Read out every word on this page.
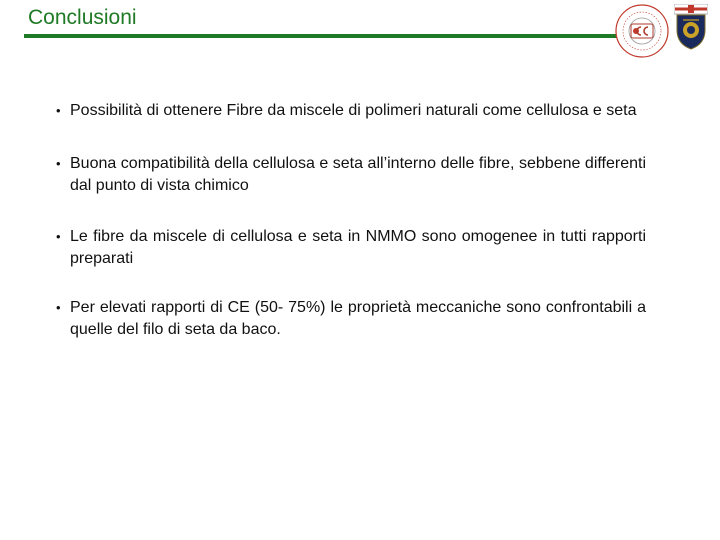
Conclusioni
• Possibilità di ottenere Fibre da miscele di polimeri naturali come cellulosa e seta
• Buona compatibilità della cellulosa e seta all’interno delle fibre, sebbene differenti dal punto di vista chimico
• Le fibre da miscele di cellulosa e seta in NMMO sono omogenee in tutti rapporti preparati
• Per elevati rapporti di CE (50- 75%) le proprietà meccaniche sono confrontabili a quelle del filo di seta da baco.
